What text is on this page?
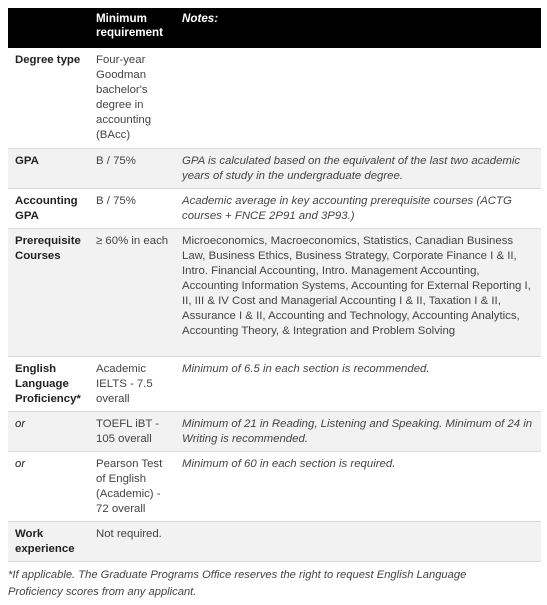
	Minimum requirement	Notes:
Degree type	Four-year Goodman bachelor's degree in accounting (BAcc)	
GPA	B / 75%	GPA is calculated based on the equivalent of the last two academic years of study in the undergraduate degree.
Accounting GPA	B / 75%	Academic average in key accounting prerequisite courses (ACTG courses + FNCE 2P91 and 3P93.)
Prerequisite Courses	≥ 60% in each	Microeconomics, Macroeconomics, Statistics, Canadian Business Law, Business Ethics, Business Strategy, Corporate Finance I & II, Intro. Financial Accounting, Intro. Management Accounting, Accounting Information Systems, Accounting for External Reporting I, II, III & IV Cost and Managerial Accounting I & II, Taxation I & II, Assurance I & II, Accounting and Technology, Accounting Analytics, Accounting Theory, & Integration and Problem Solving
English Language Proficiency*	Academic IELTS - 7.5 overall	Minimum of 6.5 in each section is recommended.
or	TOEFL iBT - 105 overall	Minimum of 21 in Reading, Listening and Speaking. Minimum of 24 in Writing is recommended.
or	Pearson Test of English (Academic) - 72 overall	Minimum of 60 in each section is required.
Work experience	Not required.	
*If applicable. The Graduate Programs Office reserves the right to request English Language Proficiency scores from any applicant.
